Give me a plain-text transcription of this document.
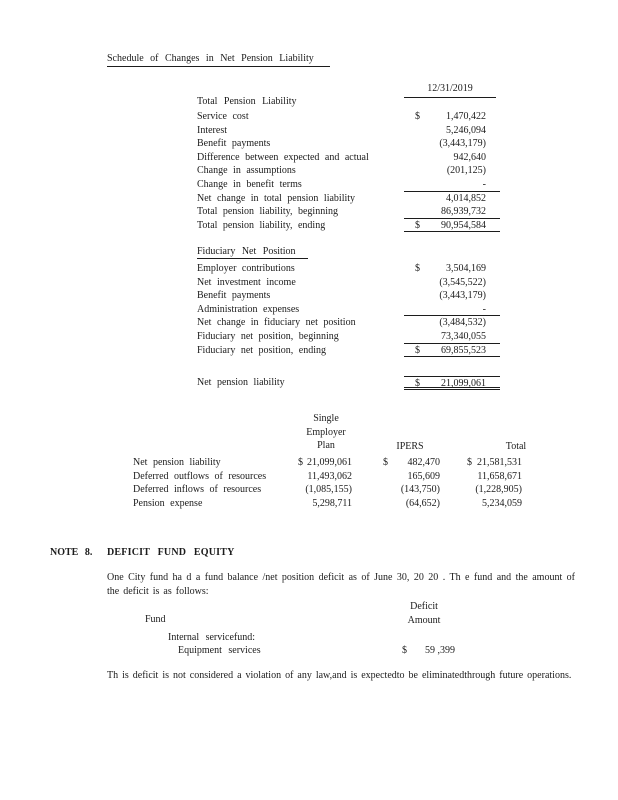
Schedule of Changes in Net Pension Liability
12/31/2019
Total Pension Liability
Service cost	$	1,470,422
Interest	5,246,094
Benefit payments	(3,443,179)
Difference between expected and actual	942,640
Change in assumptions	(201,125)
Change in benefit terms	-
Net change in total pension liability	4,014,852
Total pension liability, beginning	86,939,732
Total pension liability, ending	$ 90,954,584
Fiduciary Net Position
Employer contributions	$	3,504,169
Net investment income	(3,545,522)
Benefit payments	(3,443,179)
Administration expenses	-
Net change in fiduciary net position	(3,484,532)
Fiduciary net position, beginning	73,340,055
Fiduciary net position, ending	$ 69,855,523
Net pension liability	$ 21,099,061
Single
Employer
Plan	IPERS	Total
Net pension liability	$ 21,099,061	$ 482,470	$ 21,581,531
Deferred outflows of resources	11,493,062	165,609	11,658,671
Deferred inflows of resources	(1,085,155)	(143,750)	(1,228,905)
Pension expense	5,298,711	(64,652)	5,234,059
NOTE 8.	DEFICIT FUND EQUITY
One City fund ha d a fund balance /net position deficit as of June 30, 20 20 . Th e fund and the amount of the deficit is as follows:
Fund
Deficit
Amount
Internal servicefund:
Equipment services	$ 59 ,399
Th is deficit is not considered a violation of any law,and is expectedto be eliminatedthrough future operations.
